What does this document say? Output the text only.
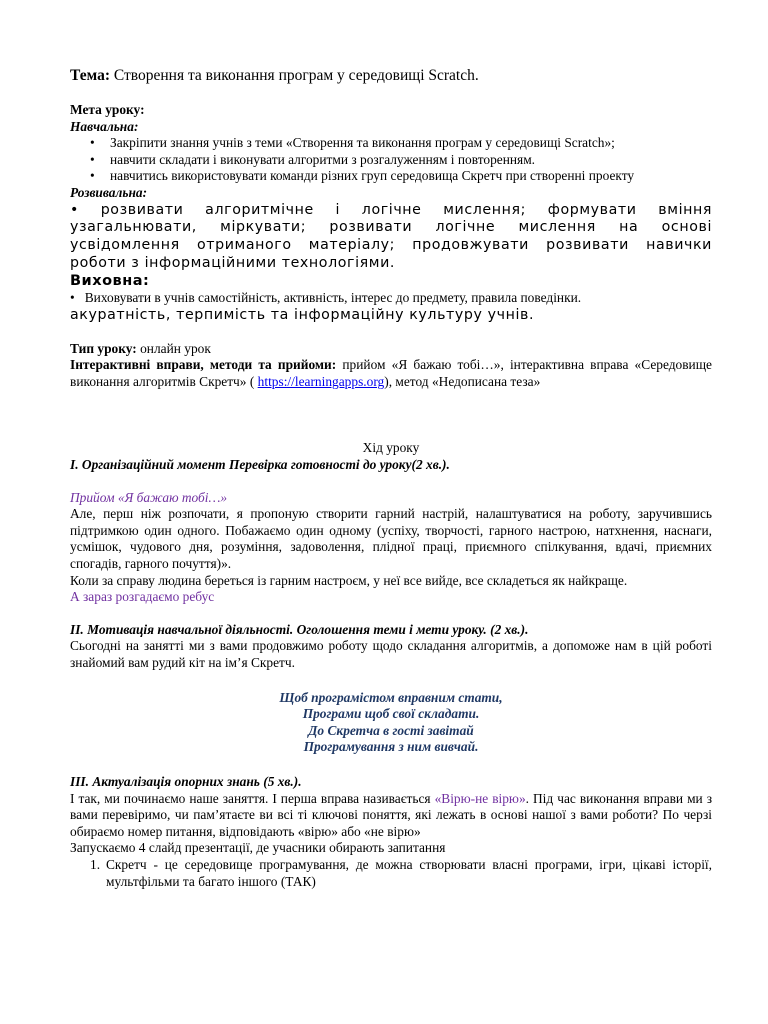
Тема: Створення та виконання програм у середовищі Scratch.
Мета уроку:
Навчальна:
•	Закріпити знання учнів з теми «Створення та виконання програм у середовищі Scratch»;
•	навчити складати і виконувати алгоритми з розгалуженням і повторенням.
•	навчитись використовувати команди різних груп середовища Скретч при створенні проекту
Розвивальна:
• розвивати алгоритмічне і логічне мислення; формувати вміння узагальнювати, міркувати; розвивати логічне мислення на основі усвідомлення отриманого матеріалу; продовжувати розвивати навички роботи з інформаційними технологіями.
Виховна:
•   Виховувати в учнів самостійність, активність, інтерес до предмету, правила поведінки.
акуратність, терпимість та інформаційну культуру учнів.
Тип уроку: онлайн урок
Інтерактивні вправи, методи та прийоми: прийом «Я бажаю тобі…», інтерактивна вправа «Середовище виконання алгоритмів Скретч» ( https://learningapps.org), метод «Недописана теза»
Хід уроку
І. Організаційний момент Перевірка готовності до уроку(2 хв.).
Прийом «Я бажаю тобі…»
Але, перш ніж розпочати, я пропоную створити гарний настрій, налаштуватися на роботу, заручившись підтримкою один одного. Побажаємо один одному (успіху, творчості, гарного настрою, натхнення, наснаги, усмішок, чудового дня, розуміння, задоволення, плідної праці, приємного спілкування, вдачі, приємних спогадів, гарного почуття)».
Коли за справу людина береться із гарним настроєм, у неї все вийде, все складеться як найкраще.
А зараз розгадаємо ребус
ІІ. Мотивація навчальної діяльності. Оголошення теми і мети уроку. (2 хв.).
Сьогодні на занятті ми з вами продовжимо роботу щодо складання алгоритмів, а допоможе нам в цій роботі знайомий вам рудий кіт на ім’я Скретч.
Щоб програмістом вправним стати,
Програми щоб свої складати.
До Скретча в гості завітай
Програмування з ним вивчай.
ІІІ. Актуалізація опорних знань (5 хв.).
І так, ми починаємо наше заняття. І перша вправа називається «Вірю-не вірю». Під час виконання вправи ми з вами перевіримо, чи пам’ятаєте ви всі ті ключові поняття, які лежать в основі нашої з вами роботи? По черзі обираємо номер питання, відповідають «вірю» або «не вірю»
Запускаємо 4 слайд презентації, де учасники обирають запитання
1. Скретч - це середовище програмування, де можна створювати власні програми, ігри, цікаві історії, мультфільми та багато іншого (ТАК)
